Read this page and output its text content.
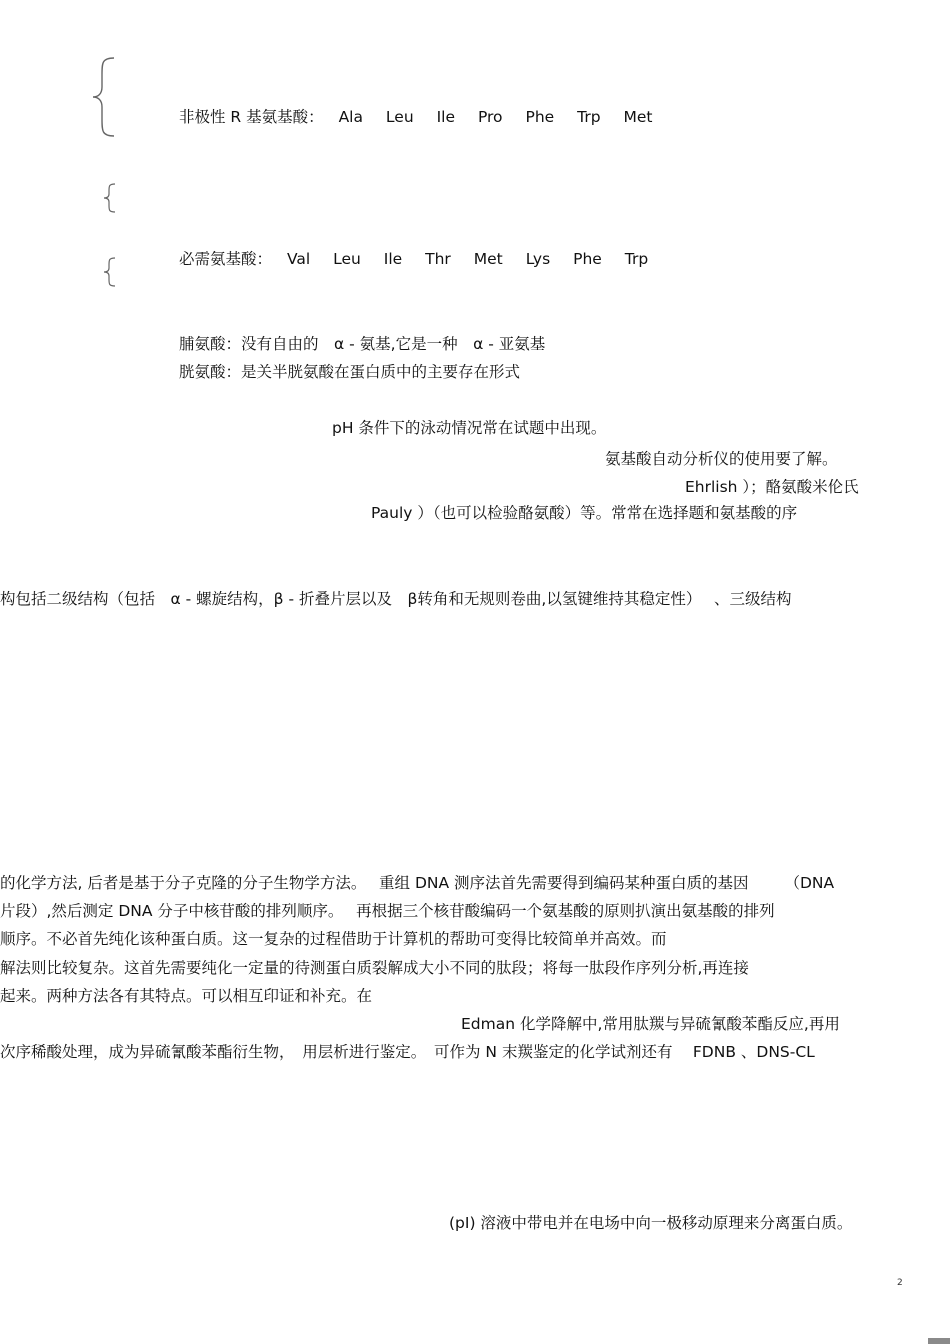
非极性 R 基氨基酸： Ala Leu Ile Pro Phe Trp Met
必需氨基酸： Val Leu Ile Thr Met Lys Phe Trp
脯氨酸：没有自由的　α - 氨基,它是一种　α - 亚氨基
胱氨酸：是关半胱氨酸在蛋白质中的主要存在形式
pH 条件下的泳动情况常在试题中出现。
氨基酸自动分析仪的使用要了解。
Ehrlish ）；酪氨酸米伦氏
Pauly ）（也可以检验酪氨酸）等。常常在选择题和氨基酸的序
构包括二级结构（包括　α - 螺旋结构，β - 折叠片层以及　β转角和无规则卷曲,以氢键维持其稳定性）　 、三级结构
的化学方法, 后者是基于分子克隆的分子生物学方法。　 重组 DNA 测序法首先需要得到编码某种蛋白质的基因　　 （DNA
片段）,然后测定 DNA 分子中核苷酸的排列顺序。　 再根据三个核苷酸编码一个氨基酸的原则扒演出氨基酸的排列
顺序。不必首先纯化该种蛋白质。这一复杂的过程借助于计算机的帮助可变得比较简单并高效。而
解法则比较复杂。这首先需要纯化一定量的待测蛋白质裂解成大小不同的肽段；将每一肽段作序列分析,再连接
起来。两种方法各有其特点。可以相互印证和补充。在
Edman 化学降解中,常用肽羰与异硫氰酸苯酯反应,再用
次序稀酸处理，成为异硫氰酸苯酯衍生物，　用层析进行鉴定。　可作为 N 末羰鉴定的化学试剂还有　 FDNB 、DNS-CL
(pI) 溶液中带电并在电场中向一极移动原理来分离蛋白质。
2
